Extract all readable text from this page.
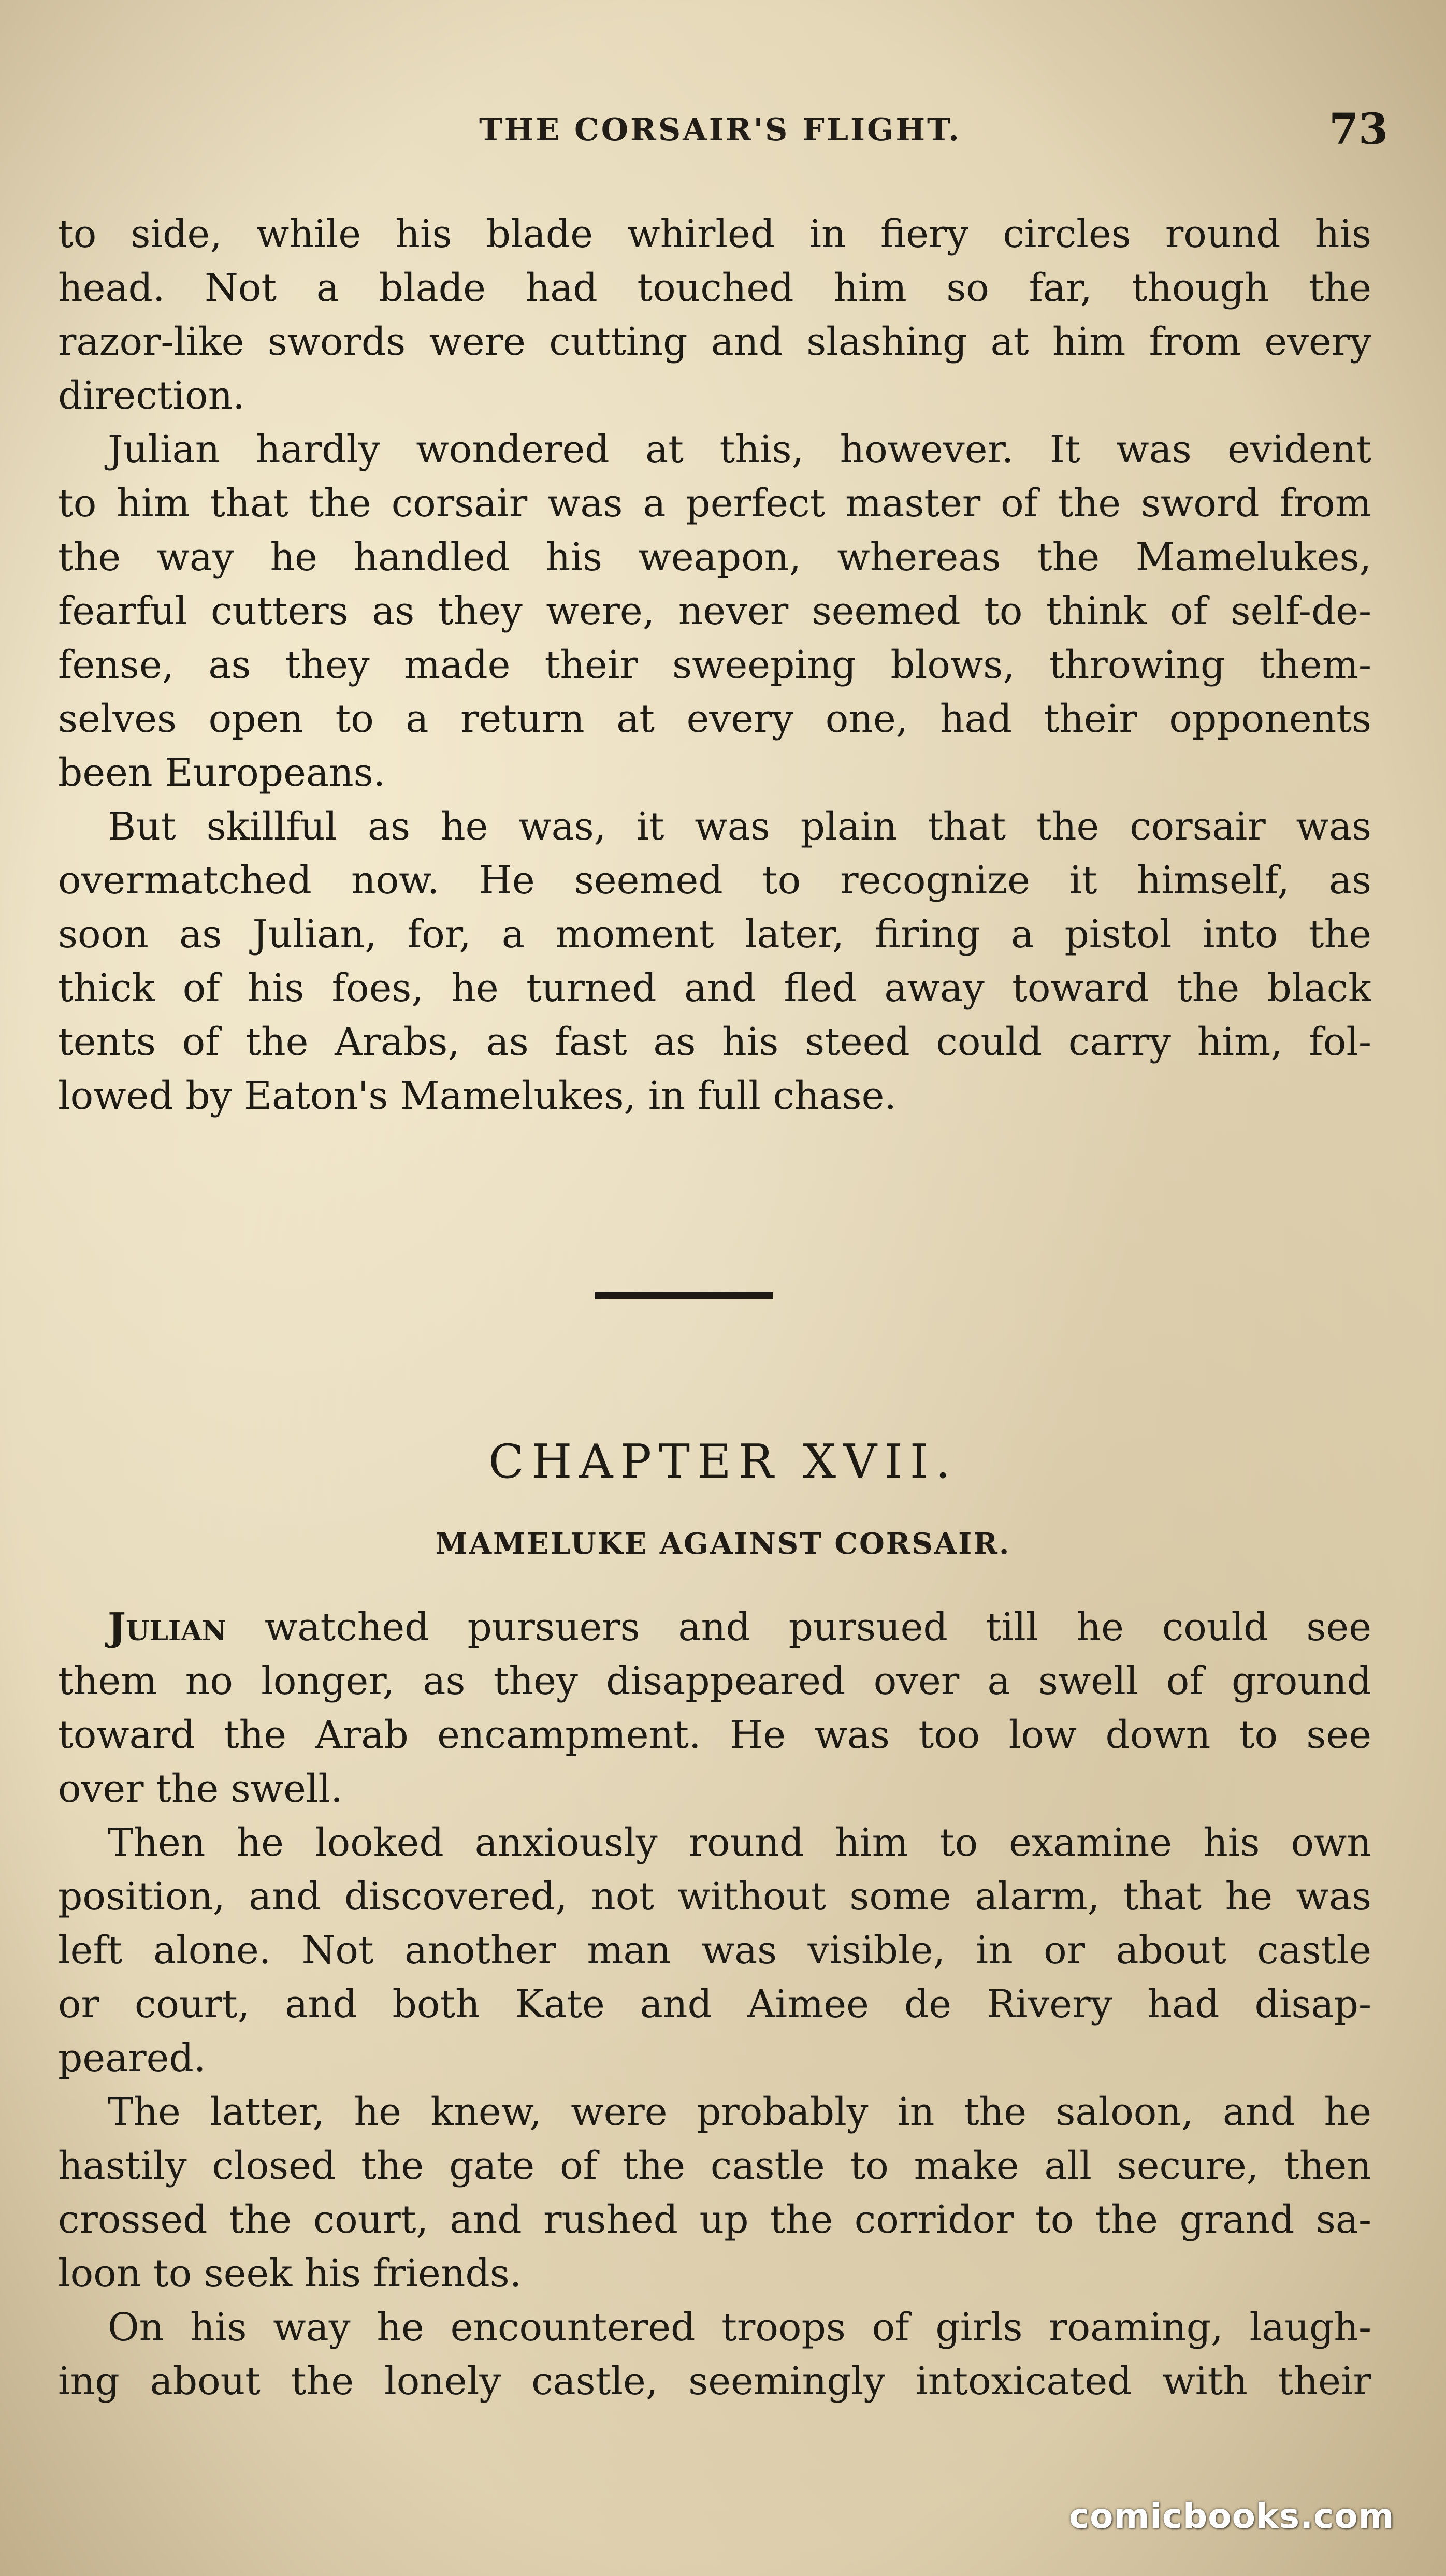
THE CORSAIR'S FLIGHT.	73
to side, while his blade whirled in fiery circles round his
head. Not a blade had touched him so far, though the
razor-like swords were cutting and slashing at him from every
direction.
Julian hardly wondered at this, however. It was evident
to him that the corsair was a perfect master of the sword from
the way he handled his weapon, whereas the Mamelukes,
fearful cutters as they were, never seemed to think of self-de-
fense, as they made their sweeping blows, throwing them-
selves open to a return at every one, had their opponents
been Europeans.
But skillful as he was, it was plain that the corsair was
overmatched now. He seemed to recognize it himself, as
soon as Julian, for, a moment later, firing a pistol into the
thick of his foes, he turned and fled away toward the black
tents of the Arabs, as fast as his steed could carry him, fol-
lowed by Eaton's Mamelukes, in full chase.
CHAPTER XVII.
MAMELUKE AGAINST CORSAIR.
Julian watched pursuers and pursued till he could see
them no longer, as they disappeared over a swell of ground
toward the Arab encampment. He was too low down to see
over the swell.
Then he looked anxiously round him to examine his own
position, and discovered, not without some alarm, that he was
left alone. Not another man was visible, in or about castle
or court, and both Kate and Aimee de Rivery had disap-
peared.
The latter, he knew, were probably in the saloon, and he
hastily closed the gate of the castle to make all secure, then
crossed the court, and rushed up the corridor to the grand sa-
loon to seek his friends.
On his way he encountered troops of girls roaming, laugh-
ing about the lonely castle, seemingly intoxicated with their
comicbooks.com
